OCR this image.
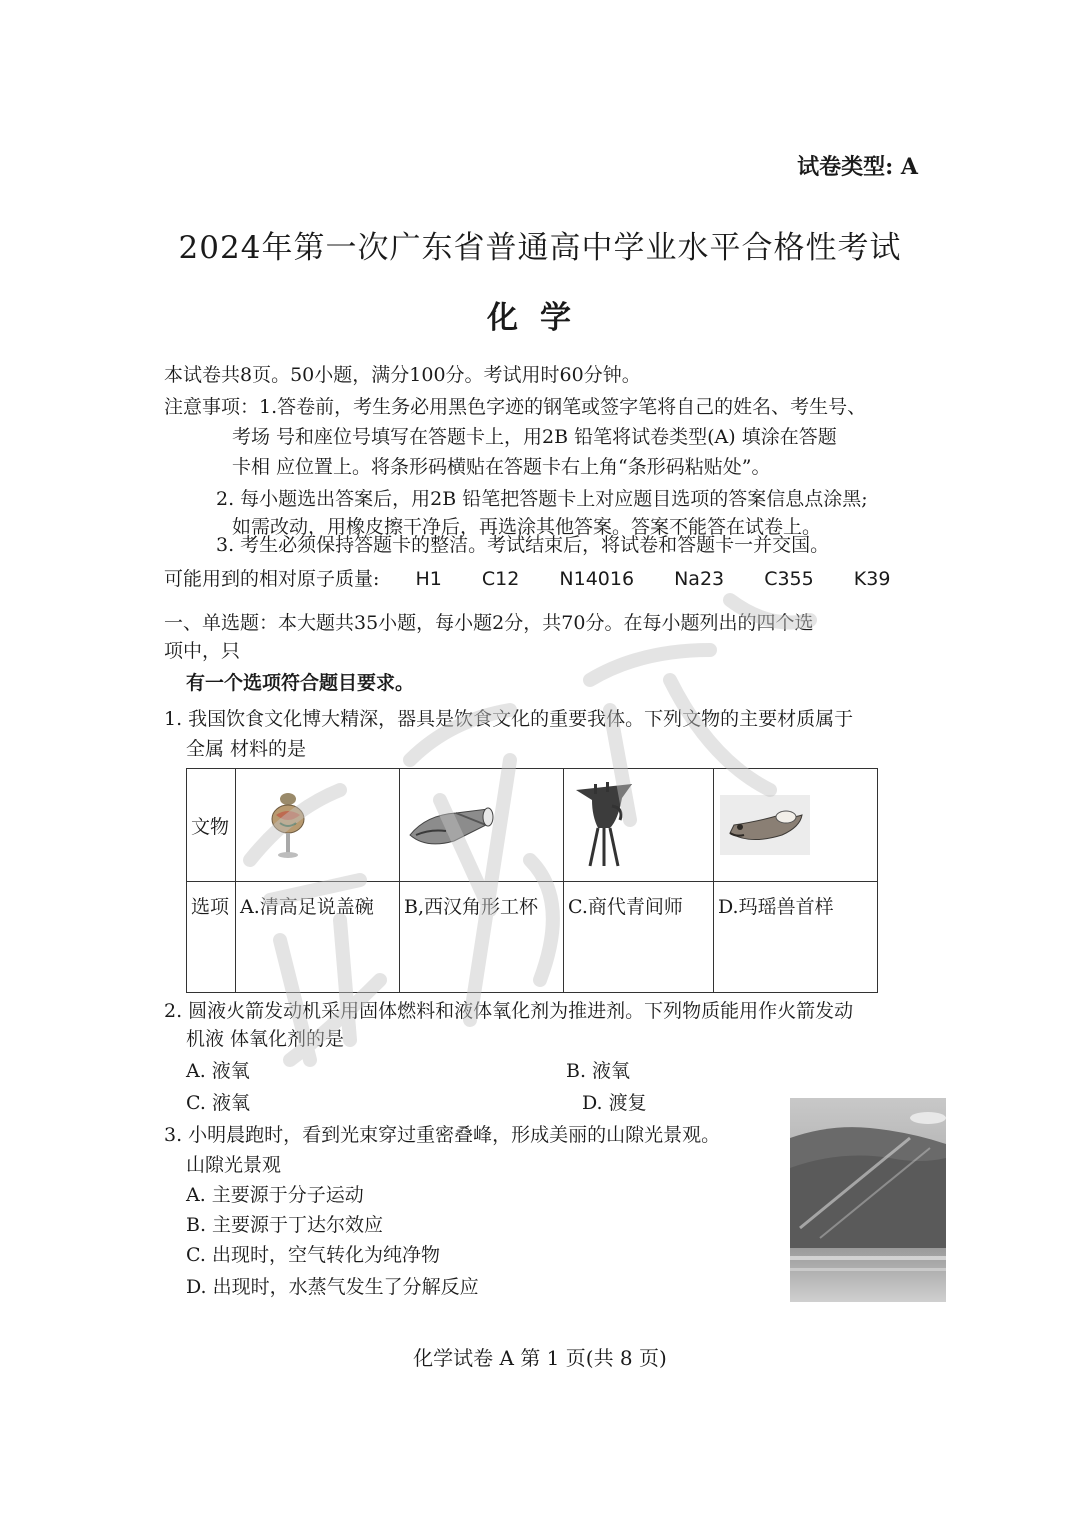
试卷类型: A
2024年第一次广东省普通高中学业水平合格性考试
化学
本试卷共8页。50小题，满分100分。考试用时60分钟。
注意事项：1.答卷前，考生务必用黑色字迹的钢笔或签字笔将自己的姓名、考生号、
考场 号和座位号填写在答题卡上，用2B 铅笔将试卷类型(A) 填涂在答题
卡相 应位置上。将条形码横贴在答题卡右上角“条形码粘贴处”。
2. 每小题选出答案后，用2B 铅笔把答题卡上对应题目选项的答案信息点涂黑;
如需改动，用橡皮擦干净后，再选涂其他答案。答案不能答在试卷上。
3. 考生必须保持答题卡的整洁。考试结束后，将试卷和答题卡一并交国。
可能用到的相对原子质量: H1 C12 N14016 Na23 C355 K39
一、单选题：本大题共35小题，每小题2分，共70分。在每小题列出的四个选
项中，只
有一个选项符合题目要求。
1. 我国饮食文化博大精深，器具是饮食文化的重要我体。下列文物的主要材质属于
全属 材料的是
文物	

选项	A.清高足说盖碗	B,西汉角形工杯	C.商代青间师	D.玛瑶兽首样
2. 圆液火箭发动机采用固体燃料和液体氧化剂为推进剂。下列物质能用作火箭发动
机液 体氧化剂的是
A. 液氧	B. 液氧
C. 液氧	D. 渡复
3. 小明晨跑时，看到光束穿过重密叠峰，形成美丽的山隙光景观。
山隙光景观
A. 主要源于分子运动
B. 主要源于丁达尔效应
C. 出现时，空气转化为纯净物
D. 出现时，水蒸气发生了分解反应
化学试卷 A 第 1 页(共 8 页)
